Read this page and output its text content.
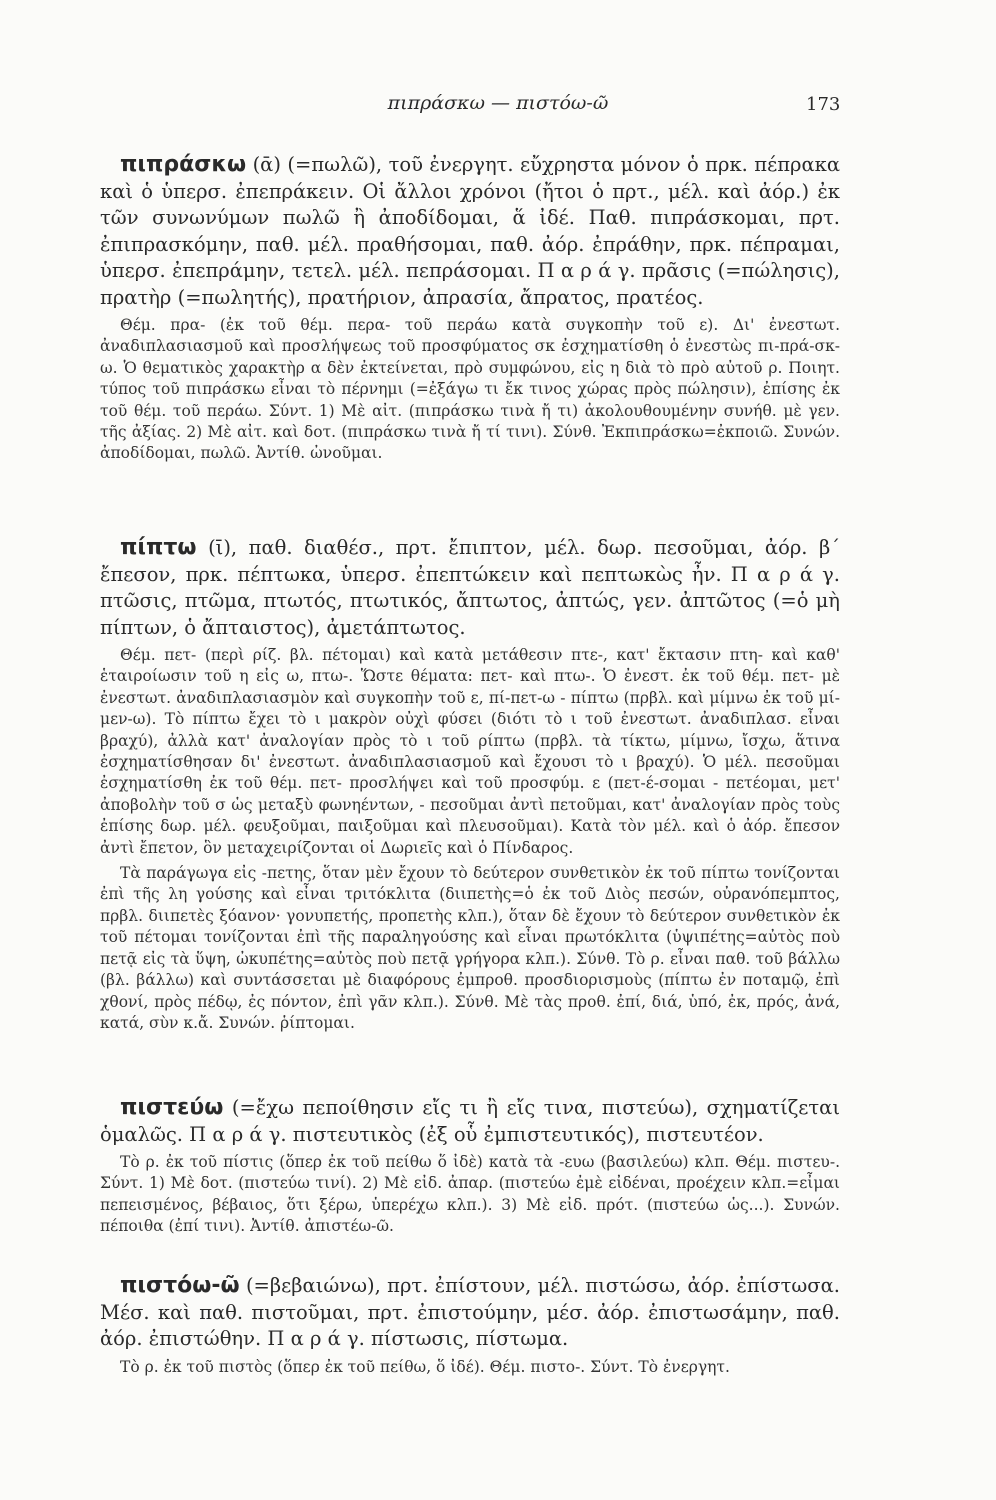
πιπράσκω — πιστόω-ῶ	173

πιπράσκω (ᾱ) (=πωλῶ), τοῦ ἐνεργητ. εὔχρηστα μόνον ὁ πρκ. πέπρακα καὶ ὁ ὑπερσ. ἐπεπράκειν. Οἱ ἄλλοι χρόνοι (ἤτοι ὁ πρτ., μέλ. καὶ ἀόρ.) ἐκ τῶν συνωνύμων πωλῶ ἢ ἀποδίδομαι, ἅ ἰδέ. Παθ. πιπράσκομαι, πρτ. ἐπιπρασκόμην, παθ. μέλ. πραθήσομαι, παθ. ἀόρ. ἐπράθην, πρκ. πέπραμαι, ὑπερσ. ἐπεπράμην, τετελ. μέλ. πεπράσομαι. Π α ρ ά γ. πρᾶσις (=πώλησις), πρατὴρ (=πωλητής), πρατήριον, ἀπρασία, ἄπρατος, πρατέος.

Θέμ. πρα- (ἐκ τοῦ θέμ. περα- τοῦ περάω κατὰ συγκοπὴν τοῦ ε). Δι' ἐνεστωτ. ἀναδιπλασιασμοῦ καὶ προσλήψεως τοῦ προσφύματος σκ ἐσχηματίσθη ὁ ἐνεστὼς πι-πρά-σκ-ω. Ὁ θεματικὸς χαρακτὴρ α δὲν ἐκτείνεται, πρὸ συμφώνου, εἰς η διὰ τὸ πρὸ αὐτοῦ ρ. Ποιητ. τύπος τοῦ πιπράσκω εἶναι τὸ πέρνημι (=ἐξάγω τι ἔκ τινος χώρας πρὸς πώλησιν), ἐπίσης ἐκ τοῦ θέμ. τοῦ περάω. Σύντ. 1) Μὲ αἰτ. (πιπράσκω τινὰ ἤ τι) ἀκολουθουμένην συνήθ. μὲ γεν. τῆς ἀξίας. 2) Μὲ αἰτ. καὶ δοτ. (πιπράσκω τινὰ ἤ τί τινι). Σύνθ. Ἐκπιπράσκω=ἐκποιῶ. Συνών. ἀποδίδομαι, πωλῶ. Ἀντίθ. ὠνοῦμαι.

πίπτω (ῑ), παθ. διαθέσ., πρτ. ἔπιπτον, μέλ. δωρ. πεσοῦμαι, ἀόρ. β΄ ἔπεσον, πρκ. πέπτωκα, ὑπερσ. ἐπεπτώκειν καὶ πεπτωκὼς ἦν. Π α ρ ά γ. πτῶσις, πτῶμα, πτωτός, πτωτικός, ἄπτωτος, ἀπτώς, γεν. ἀπτῶτος (=ὁ μὴ πίπτων, ὁ ἄπταιστος), ἀμετάπτωτος.

Θέμ. πετ- (περὶ ρίζ. βλ. πέτομαι) καὶ κατὰ μετάθεσιν πτε-, κατ' ἔκτασιν πτη- καὶ καθ' ἑταιροίωσιν τοῦ η εἰς ω, πτω-. Ὥστε θέματα: πετ- καὶ πτω-. Ὁ ἐνεστ. ἐκ τοῦ θέμ. πετ- μὲ ἐνεστωτ. ἀναδιπλασιασμὸν καὶ συγκοπὴν τοῦ ε, πί-πετ-ω - πίπτω (πρβλ. καὶ μίμνω ἐκ τοῦ μί-μεν-ω). Τὸ πίπτω ἔχει τὸ ι μακρὸν οὐχὶ φύσει (διότι τὸ ι τοῦ ἐνεστωτ. ἀναδιπλασ. εἶναι βραχύ), ἀλλὰ κατ' ἀναλογίαν πρὸς τὸ ι τοῦ ρίπτω (πρβλ. τὰ τίκτω, μίμνω, ἴσχω, ἅτινα ἐσχηματίσθησαν δι' ἐνεστωτ. ἀναδιπλασιασμοῦ καὶ ἔχουσι τὸ ι βραχύ). Ὁ μέλ. πεσοῦμαι ἐσχηματίσθη ἐκ τοῦ θέμ. πετ- προσλήψει καὶ τοῦ προσφύμ. ε (πετ-έ-σομαι - πετέομαι, μετ' ἀποβολὴν τοῦ σ ὡς μεταξὺ φωνηέντων, - πεσοῦμαι ἀντὶ πετοῦμαι, κατ' ἀναλογίαν πρὸς τοὺς ἐπίσης δωρ. μέλ. φευξοῦμαι, παιξοῦμαι καὶ πλευσοῦμαι). Κατὰ τὸν μέλ. καὶ ὁ ἀόρ. ἔπεσον ἀντὶ ἔπετον, ὃν μεταχειρίζονται οἱ Δωριεῖς καὶ ὁ Πίνδαρος.

Τὰ παράγωγα εἰς -πετης, ὅταν μὲν ἔχουν τὸ δεύτερον συνθετικὸν ἐκ τοῦ πίπτω τονίζονται ἐπὶ τῆς λη γούσης καὶ εἶναι τριτόκλιτα (διιπετὴς=ὁ ἐκ τοῦ Διὸς πεσών, οὐρανόπεμπτος, πρβλ. διιπετὲς ξόανον· γονυπετής, προπετὴς κλπ.), ὅταν δὲ ἔχουν τὸ δεύτερον συνθετικὸν ἐκ τοῦ πέτομαι τονίζονται ἐπὶ τῆς παραληγούσης καὶ εἶναι πρωτόκλιτα (ὑψιπέτης=αὐτὸς ποὺ πετᾷ εἰς τὰ ὕψη, ὠκυπέτης=αὐτὸς ποὺ πετᾷ γρήγορα κλπ.). Σύνθ. Τὸ ρ. εἶναι παθ. τοῦ βάλλω (βλ. βάλλω) καὶ συντάσσεται μὲ διαφόρους ἐμπροθ. προσδιορισμοὺς (πίπτω ἐν ποταμῷ, ἐπὶ χθονί, πρὸς πέδῳ, ἐς πόντον, ἐπὶ γᾶν κλπ.). Σύνθ. Μὲ τὰς προθ. ἐπί, διά, ὑπό, ἐκ, πρός, ἀνά, κατά, σὺν κ.ἄ. Συνών. ῥίπτομαι.

πιστεύω (=ἔχω πεποίθησιν εἴς τι ἢ εἴς τινα, πιστεύω), σχηματίζεται ὁμαλῶς. Π α ρ ά γ. πιστευτικὸς (ἐξ οὗ ἐμπιστευτικός), πιστευτέον.

Τὸ ρ. ἐκ τοῦ πίστις (ὅπερ ἐκ τοῦ πείθω ὅ ἰδὲ) κατὰ τὰ -ευω (βασιλεύω) κλπ. Θέμ. πιστευ-. Σύντ. 1) Μὲ δοτ. (πιστεύω τινί). 2) Μὲ εἰδ. ἀπαρ. (πιστεύω ἐμὲ εἰδέναι, προέχειν κλπ.=εἶμαι πεπεισμένος, βέβαιος, ὅτι ξέρω, ὑπερέχω κλπ.). 3) Μὲ εἰδ. πρότ. (πιστεύω ὡς...). Συνών. πέποιθα (ἐπί τινι). Ἀντίθ. ἀπιστέω-ῶ.

πιστόω-ῶ (=βεβαιώνω), πρτ. ἐπίστουν, μέλ. πιστώσω, ἀόρ. ἐπίστωσα. Μέσ. καὶ παθ. πιστοῦμαι, πρτ. ἐπιστούμην, μέσ. ἀόρ. ἐπιστωσάμην, παθ. ἀόρ. ἐπιστώθην. Π α ρ ά γ. πίστωσις, πίστωμα.

Τὸ ρ. ἐκ τοῦ πιστὸς (ὅπερ ἐκ τοῦ πείθω, ὅ ἰδέ). Θέμ. πιστο-. Σύντ. Τὸ ἐνεργητ.
